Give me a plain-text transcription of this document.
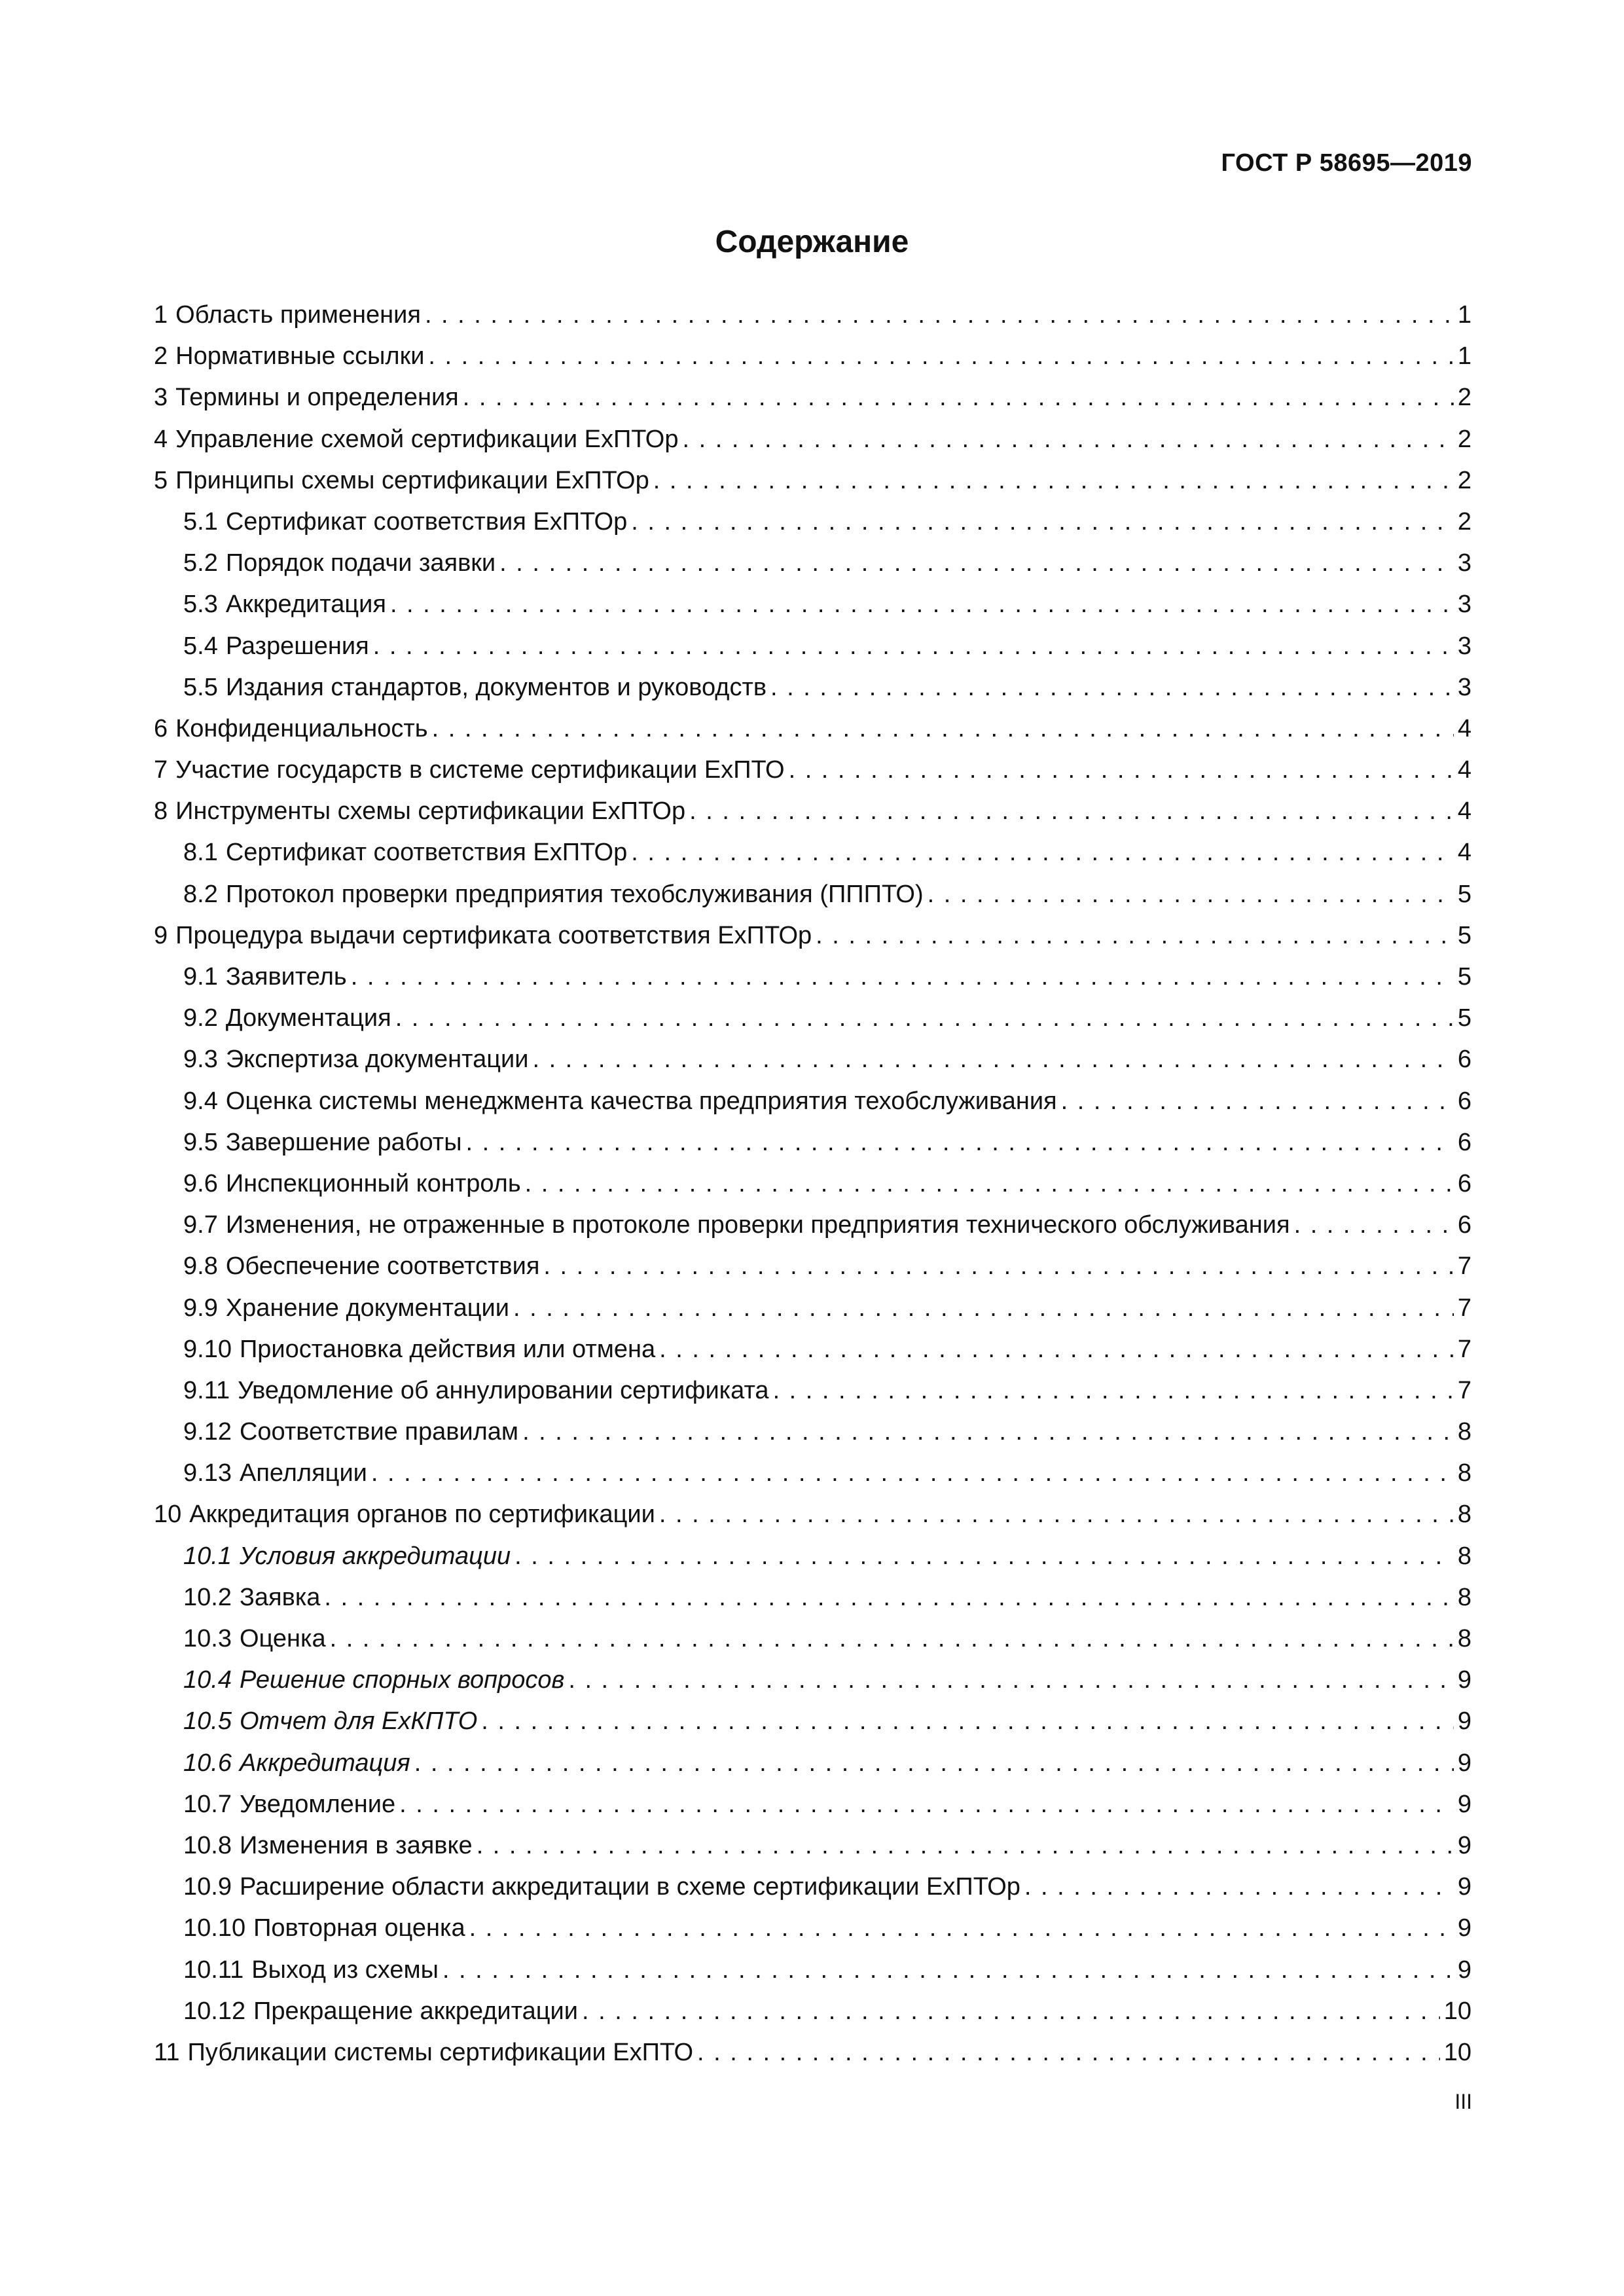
ГОСТ Р 58695—2019
Содержание
1 Область применения . . .	1
2 Нормативные ссылки . . .	1
3 Термины и определения . . .	2
4 Управление схемой сертификации ExПТОр . . .	2
5 Принципы схемы сертификации ExПТОр . . .	2
5.1 Сертификат соответствия ExПТОр . . .	2
5.2 Порядок подачи заявки . . .	3
5.3 Аккредитация . . .	3
5.4 Разрешения . . .	3
5.5 Издания стандартов, документов и руководств . . .	3
6 Конфиденциальность . . .	4
7 Участие государств в системе сертификации ExПТО . . .	4
8 Инструменты схемы сертификации ExПТОр . . .	4
8.1 Сертификат соответствия ExПТОр . . .	4
8.2 Протокол проверки предприятия техобслуживания (ПППТО) . . .	5
9 Процедура выдачи сертификата соответствия ExПТОр . . .	5
9.1 Заявитель . . .	5
9.2 Документация . . .	5
9.3 Экспертиза документации . . .	6
9.4 Оценка системы менеджмента качества предприятия техобслуживания . . .	6
9.5 Завершение работы . . .	6
9.6 Инспекционный контроль . . .	6
9.7 Изменения, не отраженные в протоколе проверки предприятия технического обслуживания . . .	6
9.8 Обеспечение соответствия . . .	7
9.9 Хранение документации . . .	7
9.10 Приостановка действия или отмена . . .	7
9.11 Уведомление об аннулировании сертификата . . .	7
9.12 Соответствие правилам . . .	8
9.13 Апелляции . . .	8
10 Аккредитация органов по сертификации . . .	8
10.1 Условия аккредитации . . .	8
10.2 Заявка . . .	8
10.3 Оценка . . .	8
10.4 Решение спорных вопросов . . .	9
10.5 Отчет для ExКПТО . . .	9
10.6 Аккредитация . . .	9
10.7 Уведомление . . .	9
10.8 Изменения в заявке . . .	9
10.9 Расширение области аккредитации в схеме сертификации ExПТОр . . .	9
10.10 Повторная оценка . . .	9
10.11 Выход из схемы . . .	9
10.12 Прекращение аккредитации . . .	10
11 Публикации системы сертификации ExПТО . . .	10
III
